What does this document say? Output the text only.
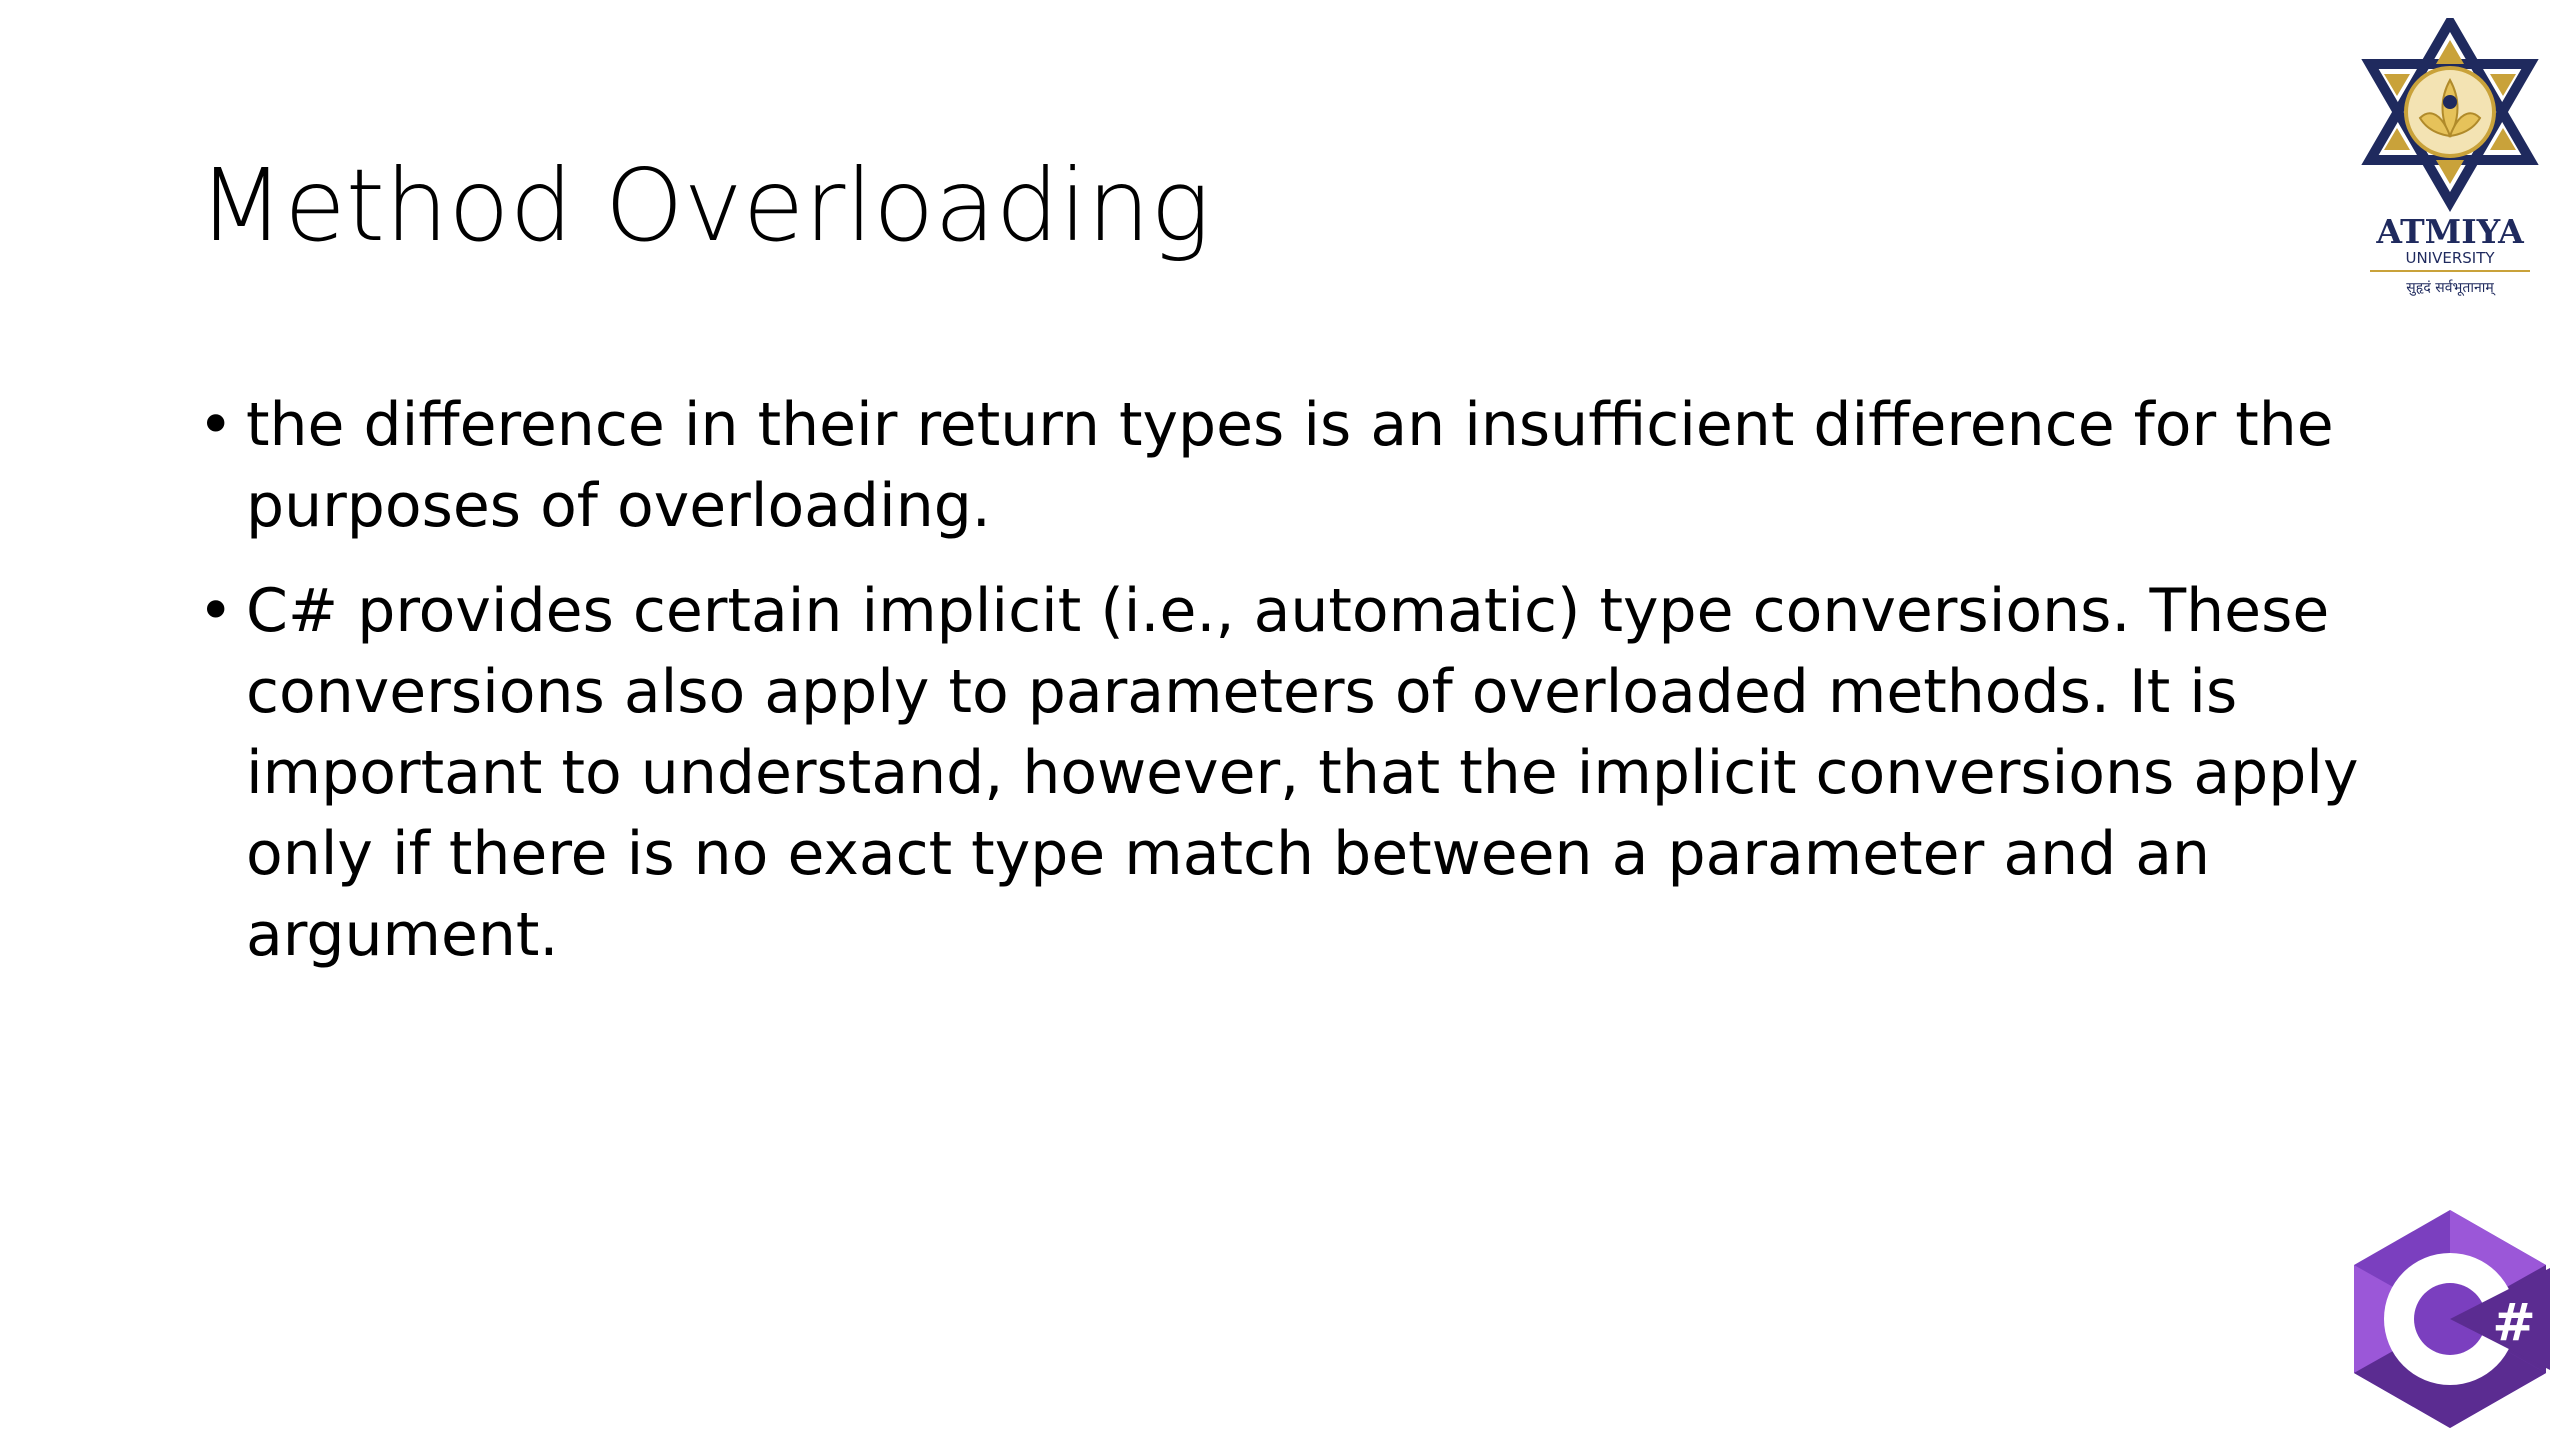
Method Overloading
• the difference in their return types is an insufficient difference for the purposes of overloading.
• C# provides certain implicit (i.e., automatic) type conversions. These conversions also apply to parameters of overloaded methods. It is important to understand, however, that the implicit conversions apply only if there is no exact type match between a parameter and an argument.
ATMIYA
UNIVERSITY
सुहृदं सर्वभूतानाम्
#
